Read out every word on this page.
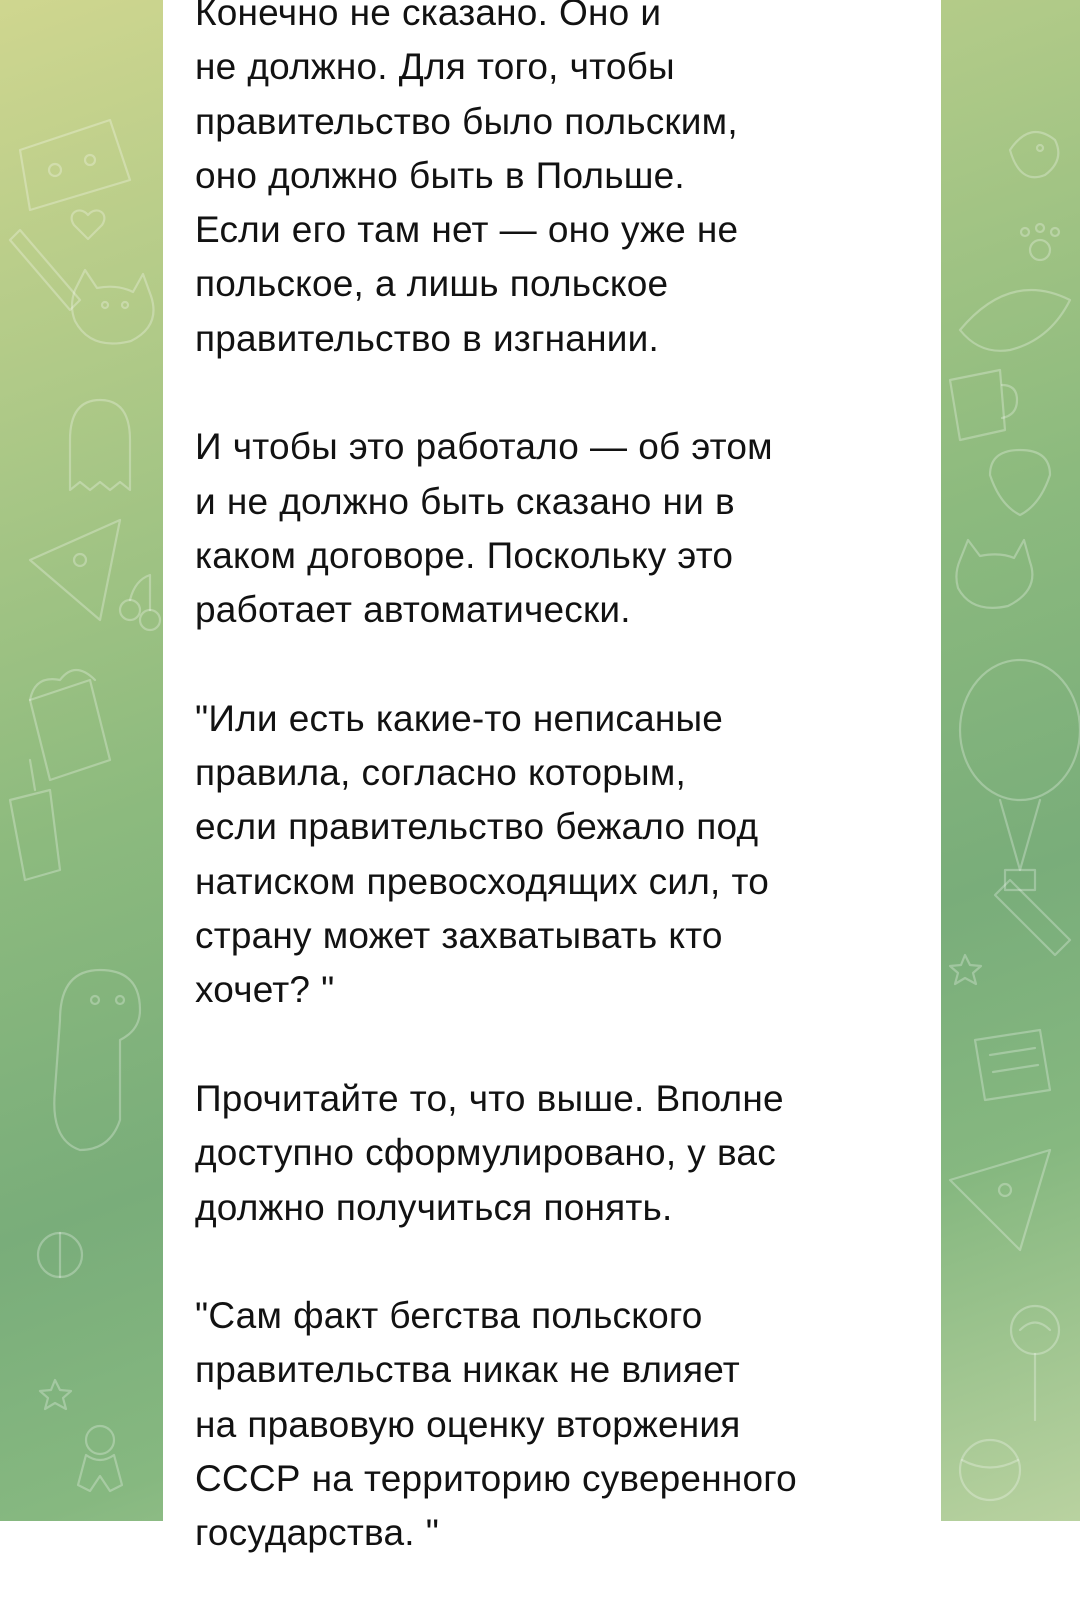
Конечно не сказано. Оно и
не должно. Для того, чтобы
правительство было польским,
оно должно быть в Польше.
Если его там нет — оно уже не
польское, а лишь польское
правительство в изгнании.

И чтобы это работало — об этом
и не должно быть сказано ни в
каком договоре. Поскольку это
работает автоматически.

"Или есть какие-то неписаные
правила, согласно которым,
если правительство бежало под
натиском превосходящих сил, то
страну может захватывать кто
хочет? "

Прочитайте то, что выше. Вполне
доступно сформулировано, у вас
должно получиться понять.

"Сам факт бегства польского
правительства никак не влияет
на правовую оценку вторжения
СССР на территорию суверенного
государства. "
